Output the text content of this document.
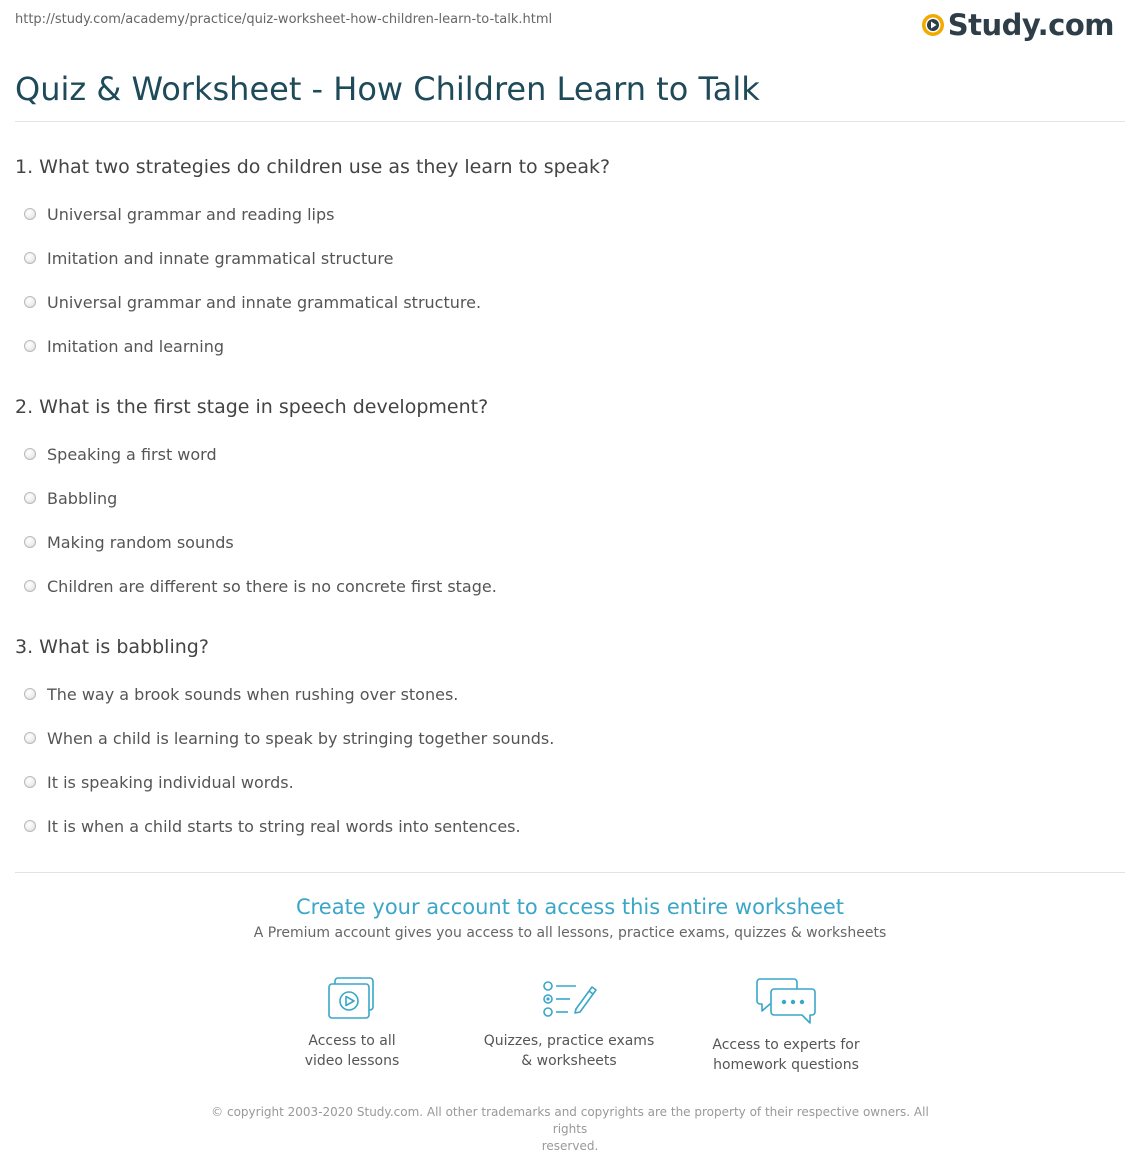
http://study.com/academy/practice/quiz-worksheet-how-children-learn-to-talk.html	Study.com
Quiz & Worksheet - How Children Learn to Talk
1. What two strategies do children use as they learn to speak?
Universal grammar and reading lips
Imitation and innate grammatical structure
Universal grammar and innate grammatical structure.
Imitation and learning
2. What is the first stage in speech development?
Speaking a first word
Babbling
Making random sounds
Children are different so there is no concrete first stage.
3. What is babbling?
The way a brook sounds when rushing over stones.
When a child is learning to speak by stringing together sounds.
It is speaking individual words.
It is when a child starts to string real words into sentences.
Create your account to access this entire worksheet
A Premium account gives you access to all lessons, practice exams, quizzes & worksheets
Access to all
video lessons
Quizzes, practice exams
& worksheets
Access to experts for
homework questions
© copyright 2003-2020 Study.com. All other trademarks and copyrights are the property of their respective owners. All rights
reserved.
